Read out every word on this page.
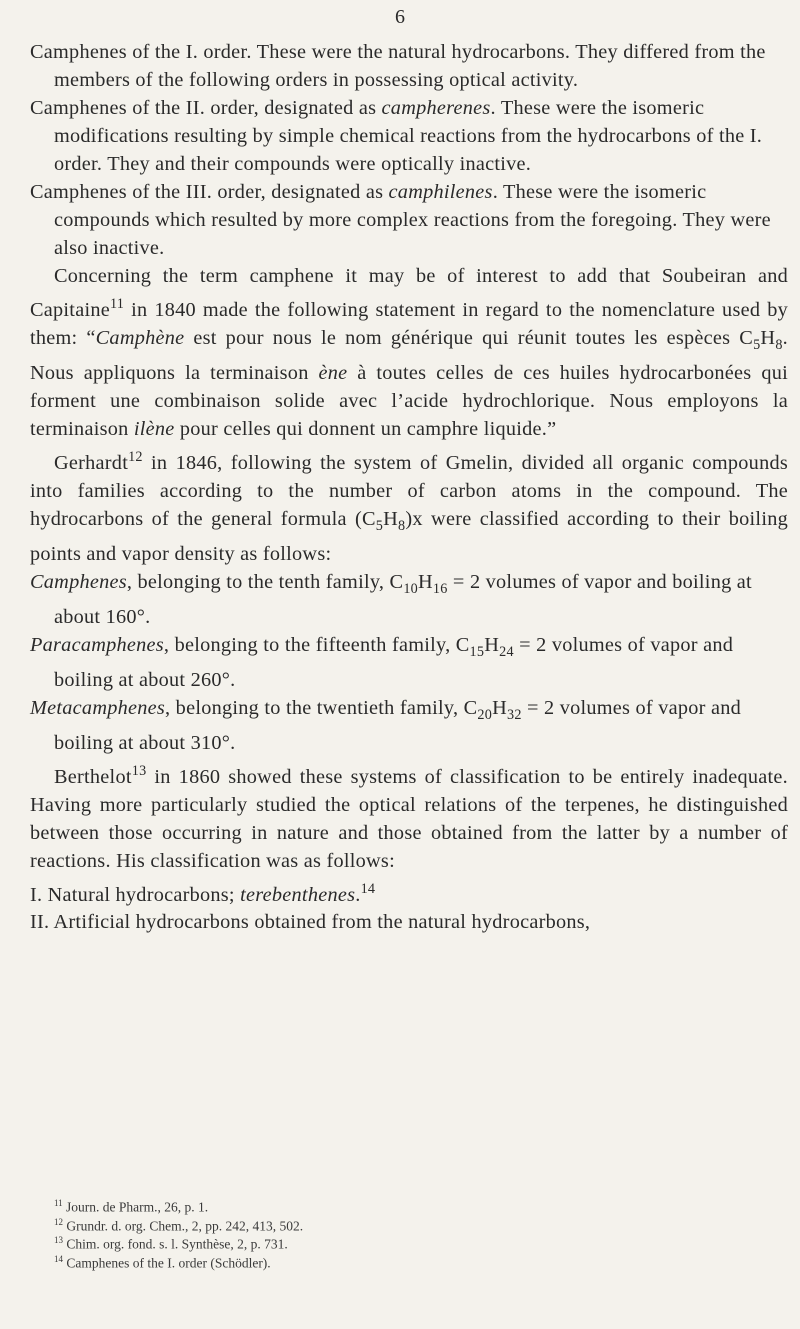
6
Camphenes of the I. order. These were the natural hydrocarbons. They differed from the members of the following orders in possessing optical activity.
Camphenes of the II. order, designated as campherenes. These were the isomeric modifications resulting by simple chemical reactions from the hydrocarbons of the I. order. They and their compounds were optically inactive.
Camphenes of the III. order, designated as camphilenes. These were the isomeric compounds which resulted by more complex reactions from the foregoing. They were also inactive.
Concerning the term camphene it may be of interest to add that Soubeiran and Capitaine$^{11}$ in 1840 made the following statement in regard to the nomenclature used by them: “Camphène est pour nous le nom générique qui réunit toutes les espèces $C_5H_8$. Nous appliquons la terminaison ène à toutes celles de ces huiles hydrocarbonées qui forment une combinaison solide avec l’acide hydrochlorique. Nous employons la terminaison ilène pour celles qui donnent un camphre liquide.”
Gerhardt$^{12}$ in 1846, following the system of Gmelin, divided all organic compounds into families according to the number of carbon atoms in the compound. The hydrocarbons of the general formula $(C_5H_8)x$ were classified according to their boiling points and vapor density as follows:
Camphenes, belonging to the tenth family, $C_{10}H_{16} = 2$ volumes of vapor and boiling at about 160°.
Paracamphenes, belonging to the fifteenth family, $C_{15}H_{24} = 2$ volumes of vapor and boiling at about 260°.
Metacamphenes, belonging to the twentieth family, $C_{20}H_{32} = 2$ volumes of vapor and boiling at about 310°.
Berthelot$^{13}$ in 1860 showed these systems of classification to be entirely inadequate. Having more particularly studied the optical relations of the terpenes, he distinguished between those occurring in nature and those obtained from the latter by a number of reactions. His classification was as follows:
I. Natural hydrocarbons; terebenthenes.$^{14}$
II. Artificial hydrocarbons obtained from the natural hydrocarbons,
$^{11}$ Journ. de Pharm., 26, p. 1.
$^{12}$ Grundr. d. org. Chem., 2, pp. 242, 413, 502.
$^{13}$ Chim. org. fond. s. l. Synthèse, 2, p. 731.
$^{14}$ Camphenes of the I. order (Schödler).
